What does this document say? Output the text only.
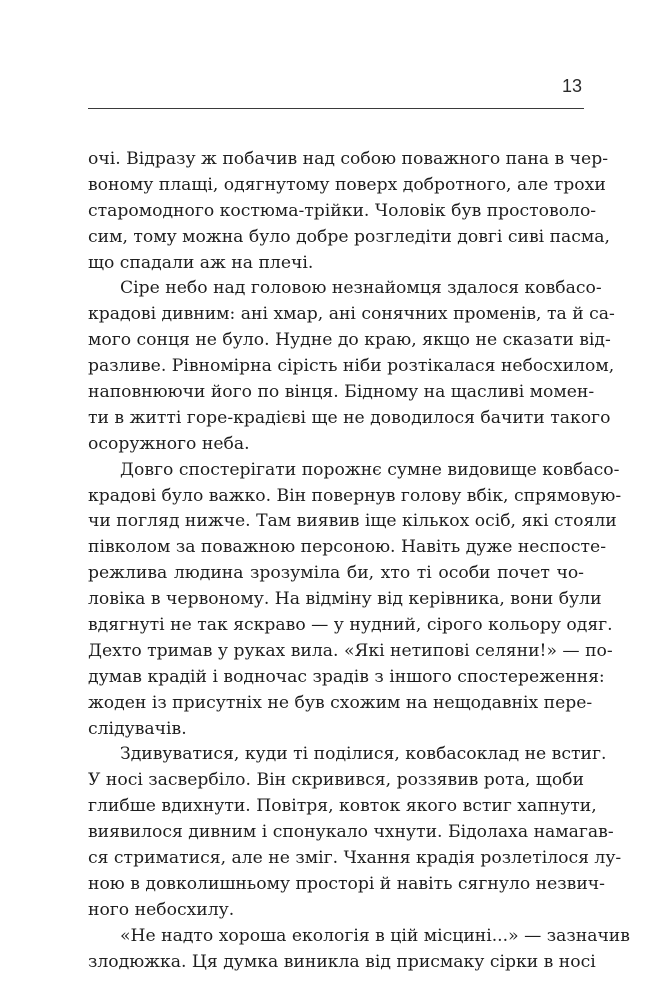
13
очі. Відразу ж побачив над собою поважного пана в чер-
воному плащі, одягнутому поверх добротного, але трохи
старомодного костюма-трійки. Чоловік був простоволо-
сим, тому можна було добре розгледіти довгі сиві пасма,
що спадали аж на плечі.
Сіре небо над головою незнайомця здалося ковбасо-
крадові дивним: ані хмар, ані сонячних променів, та й са-
мого сонця не було. Нудне до краю, якщо не сказати від-
разливе. Рівномірна сірість ніби розтікалася небосхилом,
наповнюючи його по вінця. Бідному на щасливі момен-
ти в житті горе-крадієві ще не доводилося бачити такого
осоружного неба.
Довго спостерігати порожнє сумне видовище ковбасо-
крадові було важко. Він повернув голову вбік, спрямовую-
чи погляд нижче. Там виявив іще кількох осіб, які стояли
півколом за поважною персоною. Навіть дуже неспосте-
режлива людина зрозуміла би, хто ті особи почет чо-
ловіка в червоному. На відміну від керівника, вони були
вдягнуті не так яскраво — у нудний, сірого кольору одяг.
Дехто тримав у руках вила. «Які нетипові селяни!» — по-
думав крадій і водночас зрадів з іншого спостереження:
жоден із присутніх не був схожим на нещодавніх пере-
слідувачів.
Здивуватися, куди ті поділися, ковбасоклад не встиг.
У носі засвербіло. Він скривився, роззявив рота, щоби
глибше вдихнути. Повітря, ковток якого встиг хапнути,
виявилося дивним і спонукало чхнути. Бідолаха намагав-
ся стриматися, але не зміг. Чхання крадія розлетілося лу-
ною в довколишньому просторі й навіть сягнуло незвич-
ного небосхилу.
«Не надто хороша екологія в цій місцині...» — зазначив
злодюжка. Ця думка виникла від присмаку сірки в носі
